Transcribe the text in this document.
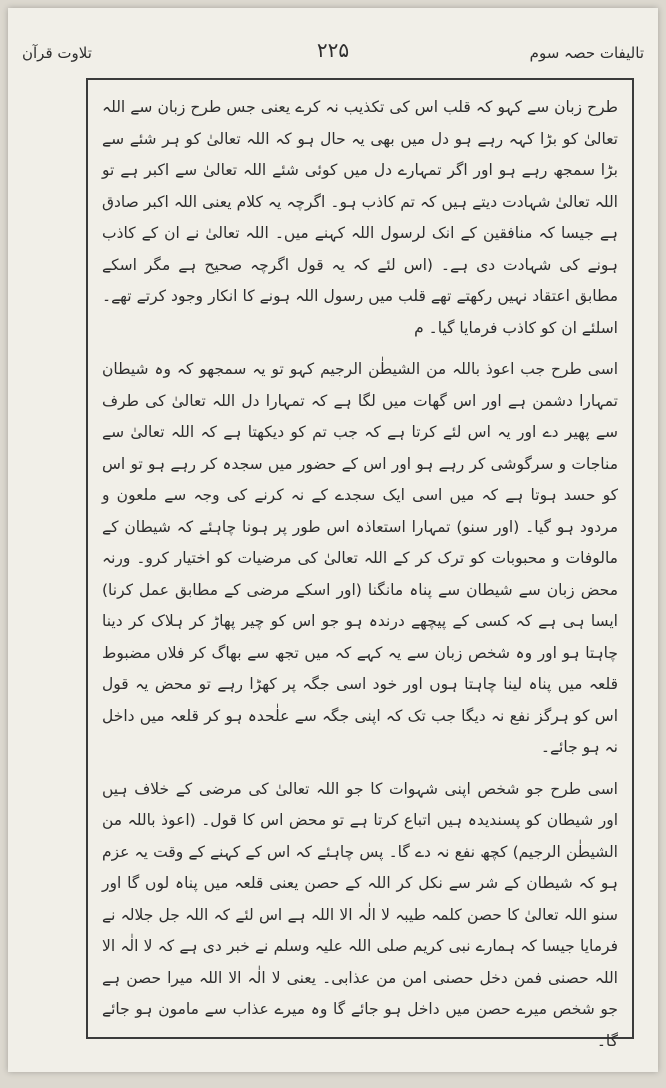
تالیفات حصہ سوم
۲۲۵
تلاوت قرآن

طرح زبان سے کہو کہ قلب اس کی تکذیب نہ کرے یعنی جس طرح زبان سے اللہ تعالیٰ کو بڑا کہہ رہے ہو دل میں بھی یہ حال ہو کہ اللہ تعالیٰ کو ہر شئے سے بڑا سمجھ رہے ہو اور اگر تمہارے دل میں کوئی شئے اللہ تعالیٰ سے اکبر ہے تو اللہ تعالیٰ شہادت دیتے ہیں کہ تم کاذب ہو۔ اگرچہ یہ کلام یعنی اللہ اکبر صادق ہے جیسا کہ منافقین کے انک لرسول اللہ کہنے میں۔ اللہ تعالیٰ نے ان کے کاذب ہونے کی شہادت دی ہے۔ (اس لئے کہ یہ قول اگرچہ صحیح ہے مگر اسکے مطابق اعتقاد نہیں رکھتے تھے قلب میں رسول اللہ ہونے کا انکار وجود کرتے تھے۔ اسلئے ان کو کاذب فرمایا گیا۔ م

اسی طرح جب اعوذ باللہ من الشیطٰن الرجیم کہو تو یہ سمجھو کہ وہ شیطان تمہارا دشمن ہے اور اس گھات میں لگا ہے کہ تمہارا دل اللہ تعالیٰ کی طرف سے پھیر دے اور یہ اس لئے کرتا ہے کہ جب تم کو دیکھتا ہے کہ اللہ تعالیٰ سے مناجات و سرگوشی کر رہے ہو اور اس کے حضور میں سجدہ کر رہے ہو تو اس کو حسد ہوتا ہے کہ میں اسی ایک سجدے کے نہ کرنے کی وجہ سے ملعون و مردود ہو گیا۔ (اور سنو) تمہارا استعاذہ اس طور پر ہونا چاہئے کہ شیطان کے مالوفات و محبوبات کو ترک کر کے اللہ تعالیٰ کی مرضیات کو اختیار کرو۔ ورنہ محض زبان سے شیطان سے پناہ مانگنا (اور اسکے مرضی کے مطابق عمل کرنا) ایسا ہی ہے کہ کسی کے پیچھے درندہ ہو جو اس کو چیر پھاڑ کر ہلاک کر دینا چاہتا ہو اور وہ شخص زبان سے یہ کہے کہ میں تجھ سے بھاگ کر فلاں مضبوط قلعہ میں پناہ لینا چاہتا ہوں اور خود اسی جگہ پر کھڑا رہے تو محض یہ قول اس کو ہرگز نفع نہ دیگا جب تک کہ اپنی جگہ سے علٰحدہ ہو کر قلعہ میں داخل نہ ہو جائے۔

اسی طرح جو شخص اپنی شہوات کا جو اللہ تعالیٰ کی مرضی کے خلاف ہیں اور شیطان کو پسندیدہ ہیں اتباع کرتا ہے تو محض اس کا قول۔ (اعوذ باللہ من الشیطٰن الرجیم) کچھ نفع نہ دے گا۔ پس چاہئے کہ اس کے کہنے کے وقت یہ عزم ہو کہ شیطان کے شر سے نکل کر اللہ کے حصن یعنی قلعہ میں پناہ لوں گا اور سنو اللہ تعالیٰ کا حصن کلمہ طیبہ لا الٰہ الا اللہ ہے اس لئے کہ اللہ جل جلالہ نے فرمایا جیسا کہ ہمارے نبی کریم صلی اللہ علیہ وسلم نے خبر دی ہے کہ لا الٰہ الا اللہ حصنی فمن دخل حصنی امن من عذابی۔ یعنی لا الٰہ الا اللہ میرا حصن ہے جو شخص میرے حصن میں داخل ہو جائے گا وہ میرے عذاب سے مامون ہو جائے گا۔
